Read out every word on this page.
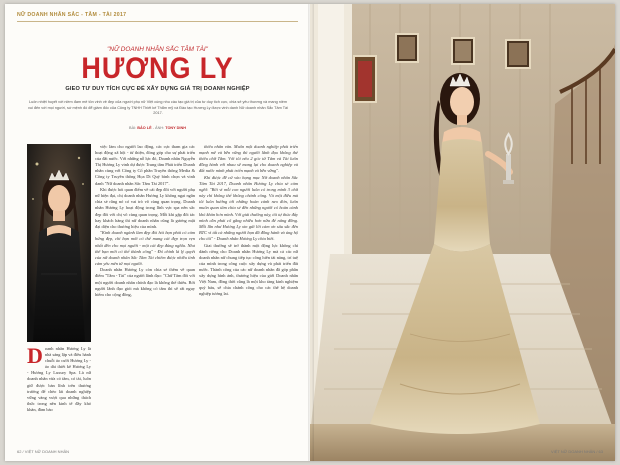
NỮ DOANH NHÂN SẮC - TÂM - TÀI 2017
"NỮ DOANH NHÂN SẮC TÂM TÀI"
HƯƠNG LY
GIEO TƯ DUY TÍCH CỰC ĐỂ XÂY DỰNG GIÁ TRỊ DOANH NGHIỆP
Luôn nhiệt huyết với niềm đam mê tôn vinh vẻ đẹp của người phụ nữ Việt cùng nhu cầu tạo giá trị của tư duy tích cực, chia sẻ yêu thương và mang niềm vui đến với mọi người, sứ mệnh đó để giám đốc của Công ty TNHH Thiết kế Thẩm mỹ và Đào tạo Hương Ly được vinh danh Nữ doanh nhân Sắc Tâm Tài 2017.
BÀI: BẢO LÊ - ẢNH: TONY DINH

Doanh nhân Hương Ly là nhà sáng lập và điều hành chuỗi áo cưới Hương Ly - áo dài thiết kế Hương Ly - Hương Ly Luxury Spa. Là nữ doanh nhân vừa có tâm, có tài, luôn giữ được bản lĩnh trên thương trường để chèo lái doanh nghiệp vững vàng vượt qua những thách thức trong nền kinh tế đầy khó khăn, đàm bảo

việc làm cho người lao động, các cực tham gia các hoạt động xã hội - từ thiện, đóng góp cho sự phát triển của đất nước. Với những nỗ lực đó, Doanh nhân Nguyễn Thị Hương Ly vinh dự được Trung tâm Phát triển Doanh nhân cùng với Công ty Cổ phần Truyền thông Media & Công ty Truyền thông Họa Di Quý bình chọn và vinh danh "Nữ doanh nhân Sắc Tâm Tài 2017".

Khi được hỏi quan điểm về cái đẹp đối với người phụ nữ hiện đại, chị doanh nhân Hương Ly không ngại ngần chia sẻ rằng nó có vai trò vô cùng quan trọng. Doanh nhân Hương Ly hoạt động trong lĩnh vực spa nên sắc đẹp đối với chị vô cùng quan trọng. Mỗi khi gặp đối tác hay khách hàng thì nữ doanh nhân cũng là gương mặt đại diện cho thương hiệu của mình.

"Kinh doanh ngành làm đẹp đòi hỏi bạn phải có cảm hứng đẹp, chỉ bạn mới có thể mang cái đẹp trọn vẹn nhất đến cho mọi người - một cái đẹp đúng nghĩa. Như thế bạn mới có thể thành công" - Đó chính là lý quyết của nữ doanh nhân Sắc Tâm Tài chiêm được nhiều tình cảm yêu mến từ mọi người.

Doanh nhân Hương Ly còn chia sẻ thêm về quan điểm "Tâm - Tài" của người lãnh đạo: "Chữ Tâm đối với một người doanh nhân chính đạo là không thể thiếu. Bởi người lãnh đạo giỏi mà không có tâm thì sẽ rất nguy hiểm cho cộng đồng,

thiếu nhân văn. Muốn một doanh nghiệp phát triển mạnh mẽ và bền vững thì người lãnh đạo không thể thiếu chữ Tâm. Với tôi nếu 2 góc từ Tâm và Tài luôn đồng hành với nhau sẽ mang lại cho doanh nghiệp và đất nước mình phát triển mạnh và bền vững".

Khi được đề cử vào hạng mục Nữ doanh nhân Sắc Tâm Tài 2017, Doanh nhân Hương Ly chia sẻ cảm nghĩ: "Bởi vì mỗi con người luôn có trong mình 3 chữ này chỉ không thể không chánh công. Và một điều mà tôi luôn hướng tới những hoàn cảnh neo đơn, luôn muốn quan tâm chia sẻ đến những người có hoàn cảnh khó khăn hơn mình. Với giải thưởng này, tôi tự thúc đẩy mình cần phải cố gắng nhiều hơn nữa để nâng đỡng. Mỗi lần như Hương Ly xin gửi lời cảm ơn sâu sắc đến BTC vì tất cả những người bạn đã đồng hành và ủng hộ cho tôi" - Doanh nhân Hương Ly chia biết.

Giai thưởng sẽ trở thành một động lực không chỉ dành riêng cho Doanh nhân Hương Ly mà cả các nữ doanh nhân nữ chung tiếp tục công hiến tài năng, trí tuệ của mình trong công cuộc xây dựng và phát triển đất nước. Thành công của các nữ doanh nhân đã góp phần xây dựng hình ảnh, thương hiệu của giới Doanh nhân Việt Nam, đồng thời cũng là một kho tàng kinh nghiệm quý báu, sẽ chia chánh công cho các thế hệ doanh nghiệp tương lai.

62 / VIỆT NỮ DOANH NHÂN	VIỆT NỮ DOANH NHÂN / 63
